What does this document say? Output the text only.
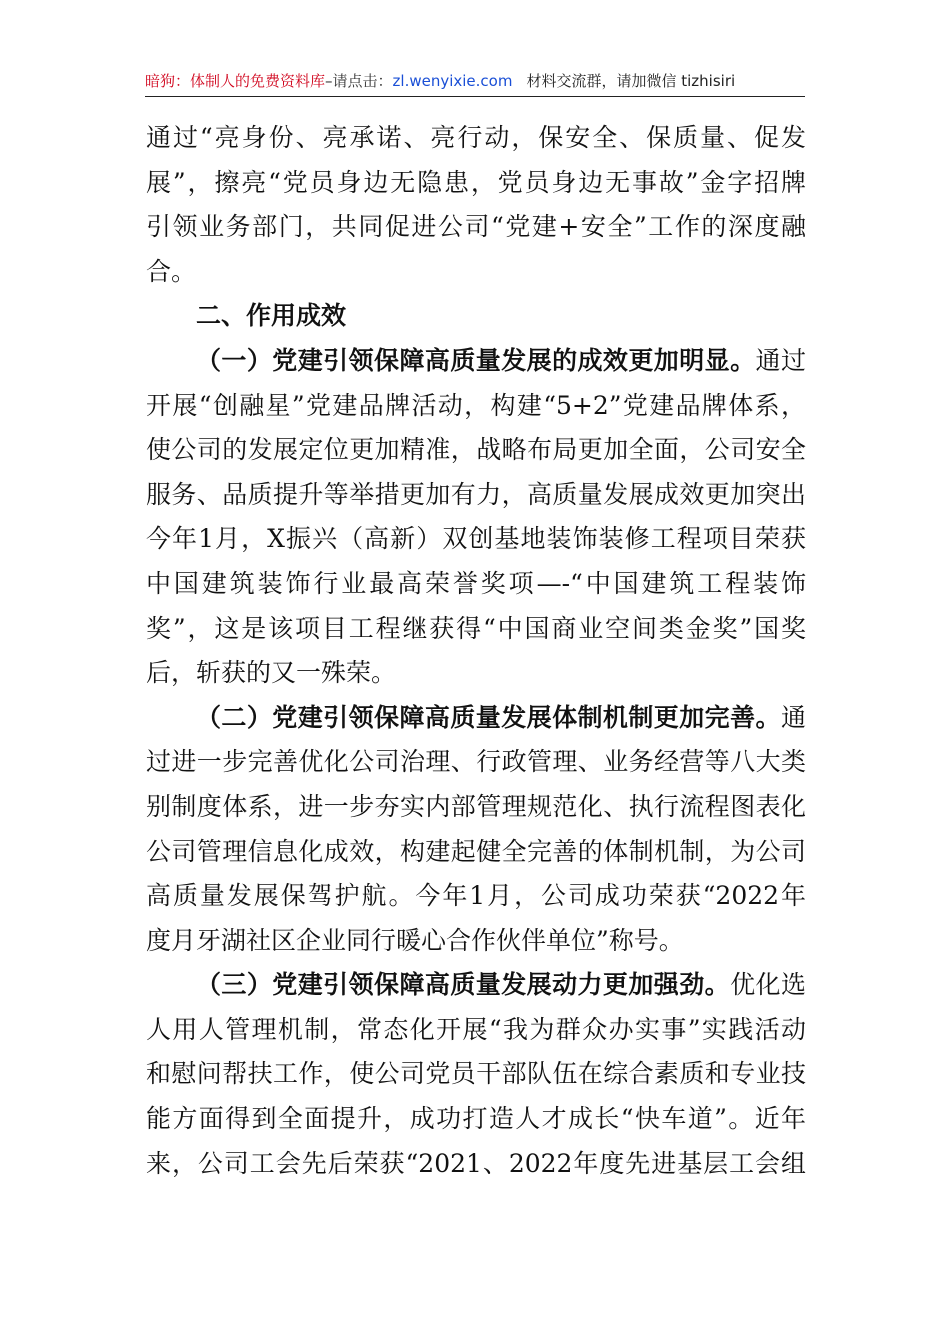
暗狗：体制人的免费资料库–请点击：zl.wenyixie.com 材料交流群，请加微信 tizhisiri
通过“亮身份、亮承诺、亮行动，保安全、保质量、促发
展”，擦亮“党员身边无隐患，党员身边无事故”金字招牌
引领业务部门，共同促进公司“党建+安全”工作的深度融
合。
二、作用成效
（一）党建引领保障高质量发展的成效更加明显。通过
开展“创融星”党建品牌活动，构建“5+2”党建品牌体系，
使公司的发展定位更加精准，战略布局更加全面，公司安全
服务、品质提升等举措更加有力，高质量发展成效更加突出
今年1月，X振兴（高新）双创基地装饰装修工程项目荣获
中国建筑装饰行业最高荣誉奖项—-“中国建筑工程装饰
奖”，这是该项目工程继获得“中国商业空间类金奖”国奖
后，斩获的又一殊荣。
（二）党建引领保障高质量发展体制机制更加完善。通
过进一步完善优化公司治理、行政管理、业务经营等八大类
别制度体系，进一步夯实内部管理规范化、执行流程图表化
公司管理信息化成效，构建起健全完善的体制机制，为公司
高质量发展保驾护航。今年1月，公司成功荣获“2022年
度月牙湖社区企业同行暖心合作伙伴单位”称号。
（三）党建引领保障高质量发展动力更加强劲。优化选
人用人管理机制，常态化开展“我为群众办实事”实践活动
和慰问帮扶工作，使公司党员干部队伍在综合素质和专业技
能方面得到全面提升，成功打造人才成长“快车道”。近年
来，公司工会先后荣获“2021、2022年度先进基层工会组
